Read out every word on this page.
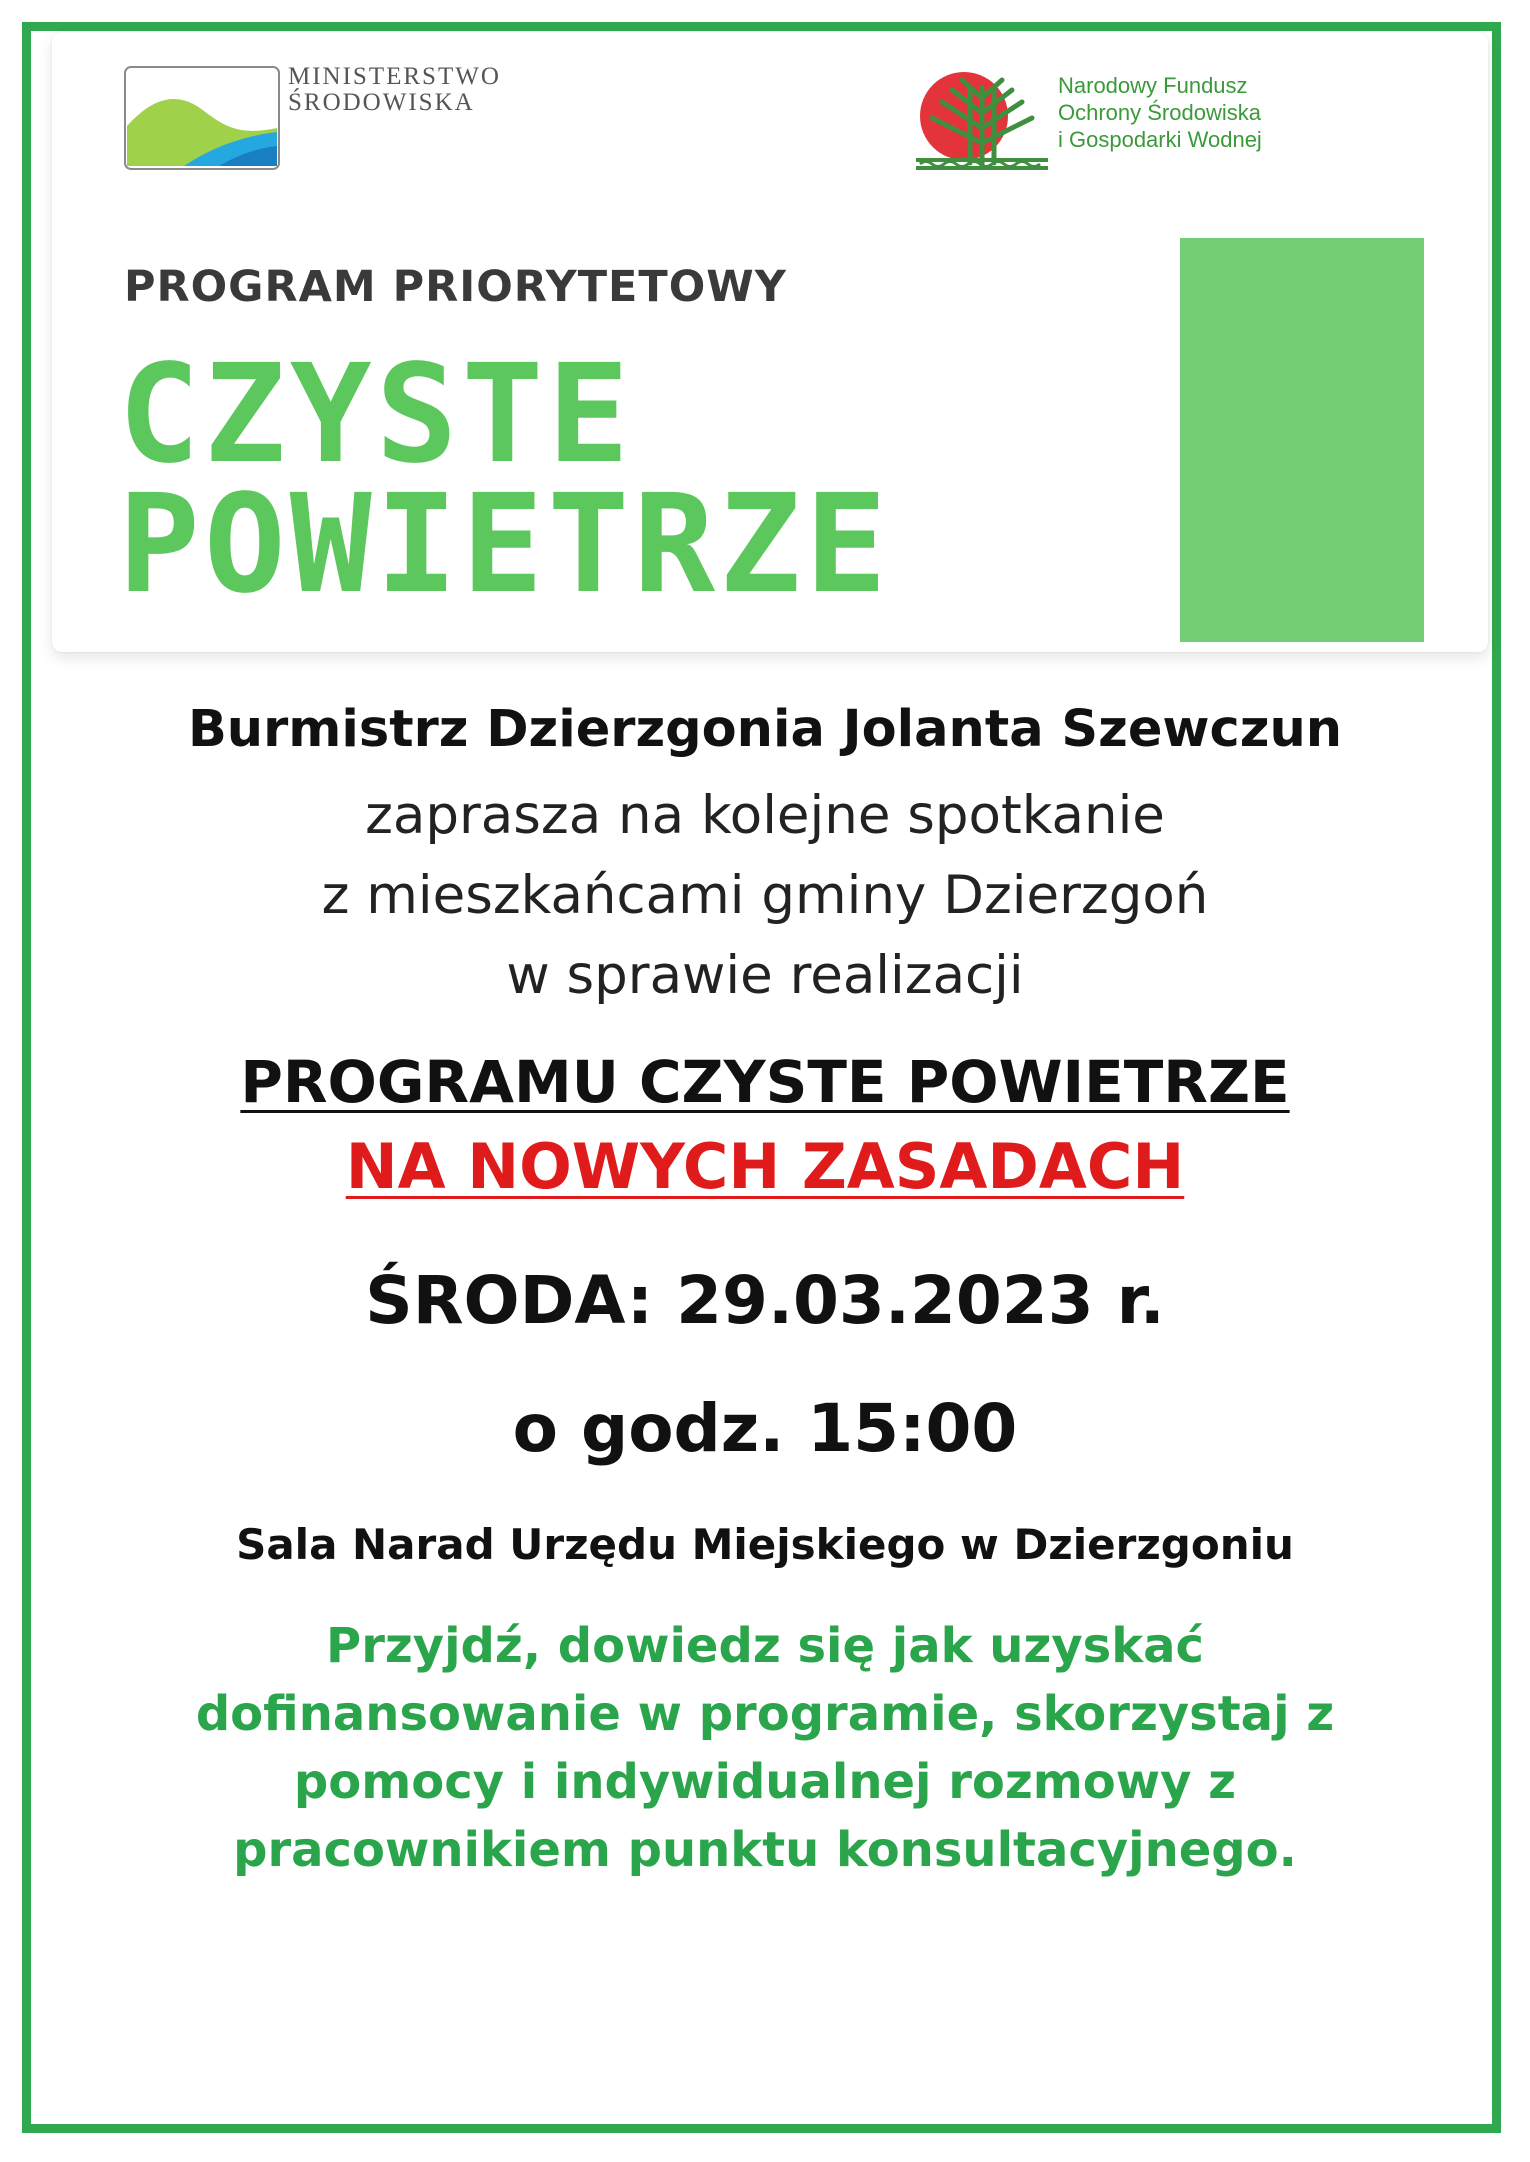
MINISTERSTWO
ŚRODOWISKA
Narodowy Fundusz
Ochrony Środowiska
i Gospodarki Wodnej
PROGRAM PRIORYTETOWY
CZYSTE
POWIETRZE
Burmistrz Dzierzgonia Jolanta Szewczun
zaprasza na kolejne spotkanie
z mieszkańcami gminy Dzierzgoń
w sprawie realizacji
PROGRAMU CZYSTE POWIETRZE
NA NOWYCH ZASADACH
ŚRODA: 29.03.2023 r.
o godz. 15:00
Sala Narad Urzędu Miejskiego w Dzierzgoniu
Przyjdź, dowiedz się jak uzyskać
dofinansowanie w programie, skorzystaj z
pomocy i indywidualnej rozmowy z
pracownikiem punktu konsultacyjnego.
